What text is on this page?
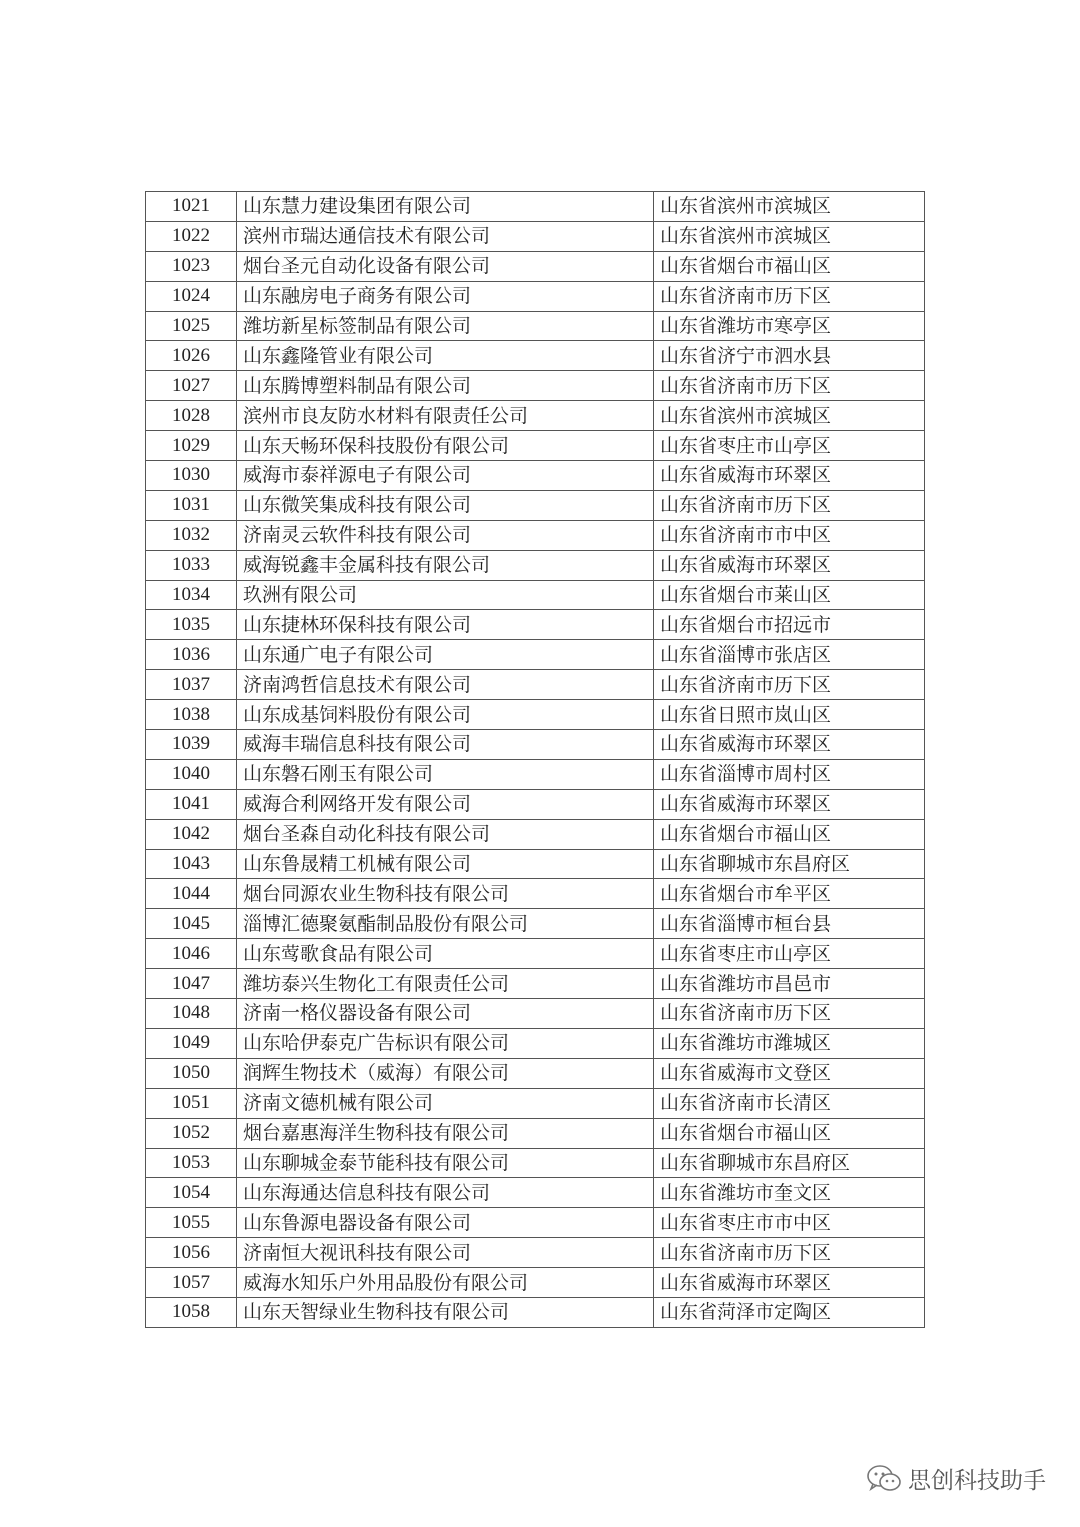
1021	山东慧力建设集团有限公司	山东省滨州市滨城区
1022	滨州市瑞达通信技术有限公司	山东省滨州市滨城区
1023	烟台圣元自动化设备有限公司	山东省烟台市福山区
1024	山东融房电子商务有限公司	山东省济南市历下区
1025	潍坊新星标签制品有限公司	山东省潍坊市寒亭区
1026	山东鑫隆管业有限公司	山东省济宁市泗水县
1027	山东腾博塑料制品有限公司	山东省济南市历下区
1028	滨州市良友防水材料有限责任公司	山东省滨州市滨城区
1029	山东天畅环保科技股份有限公司	山东省枣庄市山亭区
1030	威海市泰祥源电子有限公司	山东省威海市环翠区
1031	山东微笑集成科技有限公司	山东省济南市历下区
1032	济南灵云软件科技有限公司	山东省济南市市中区
1033	威海锐鑫丰金属科技有限公司	山东省威海市环翠区
1034	玖洲有限公司	山东省烟台市莱山区
1035	山东捷林环保科技有限公司	山东省烟台市招远市
1036	山东通广电子有限公司	山东省淄博市张店区
1037	济南鸿哲信息技术有限公司	山东省济南市历下区
1038	山东成基饲料股份有限公司	山东省日照市岚山区
1039	威海丰瑞信息科技有限公司	山东省威海市环翠区
1040	山东磐石刚玉有限公司	山东省淄博市周村区
1041	威海合利网络开发有限公司	山东省威海市环翠区
1042	烟台圣森自动化科技有限公司	山东省烟台市福山区
1043	山东鲁晟精工机械有限公司	山东省聊城市东昌府区
1044	烟台同源农业生物科技有限公司	山东省烟台市牟平区
1045	淄博汇德聚氨酯制品股份有限公司	山东省淄博市桓台县
1046	山东莺歌食品有限公司	山东省枣庄市山亭区
1047	潍坊泰兴生物化工有限责任公司	山东省潍坊市昌邑市
1048	济南一格仪器设备有限公司	山东省济南市历下区
1049	山东哈伊泰克广告标识有限公司	山东省潍坊市潍城区
1050	润辉生物技术（威海）有限公司	山东省威海市文登区
1051	济南文德机械有限公司	山东省济南市长清区
1052	烟台嘉惠海洋生物科技有限公司	山东省烟台市福山区
1053	山东聊城金泰节能科技有限公司	山东省聊城市东昌府区
1054	山东海通达信息科技有限公司	山东省潍坊市奎文区
1055	山东鲁源电器设备有限公司	山东省枣庄市市中区
1056	济南恒大视讯科技有限公司	山东省济南市历下区
1057	威海水知乐户外用品股份有限公司	山东省威海市环翠区
1058	山东天智绿业生物科技有限公司	山东省菏泽市定陶区
思创科技助手
